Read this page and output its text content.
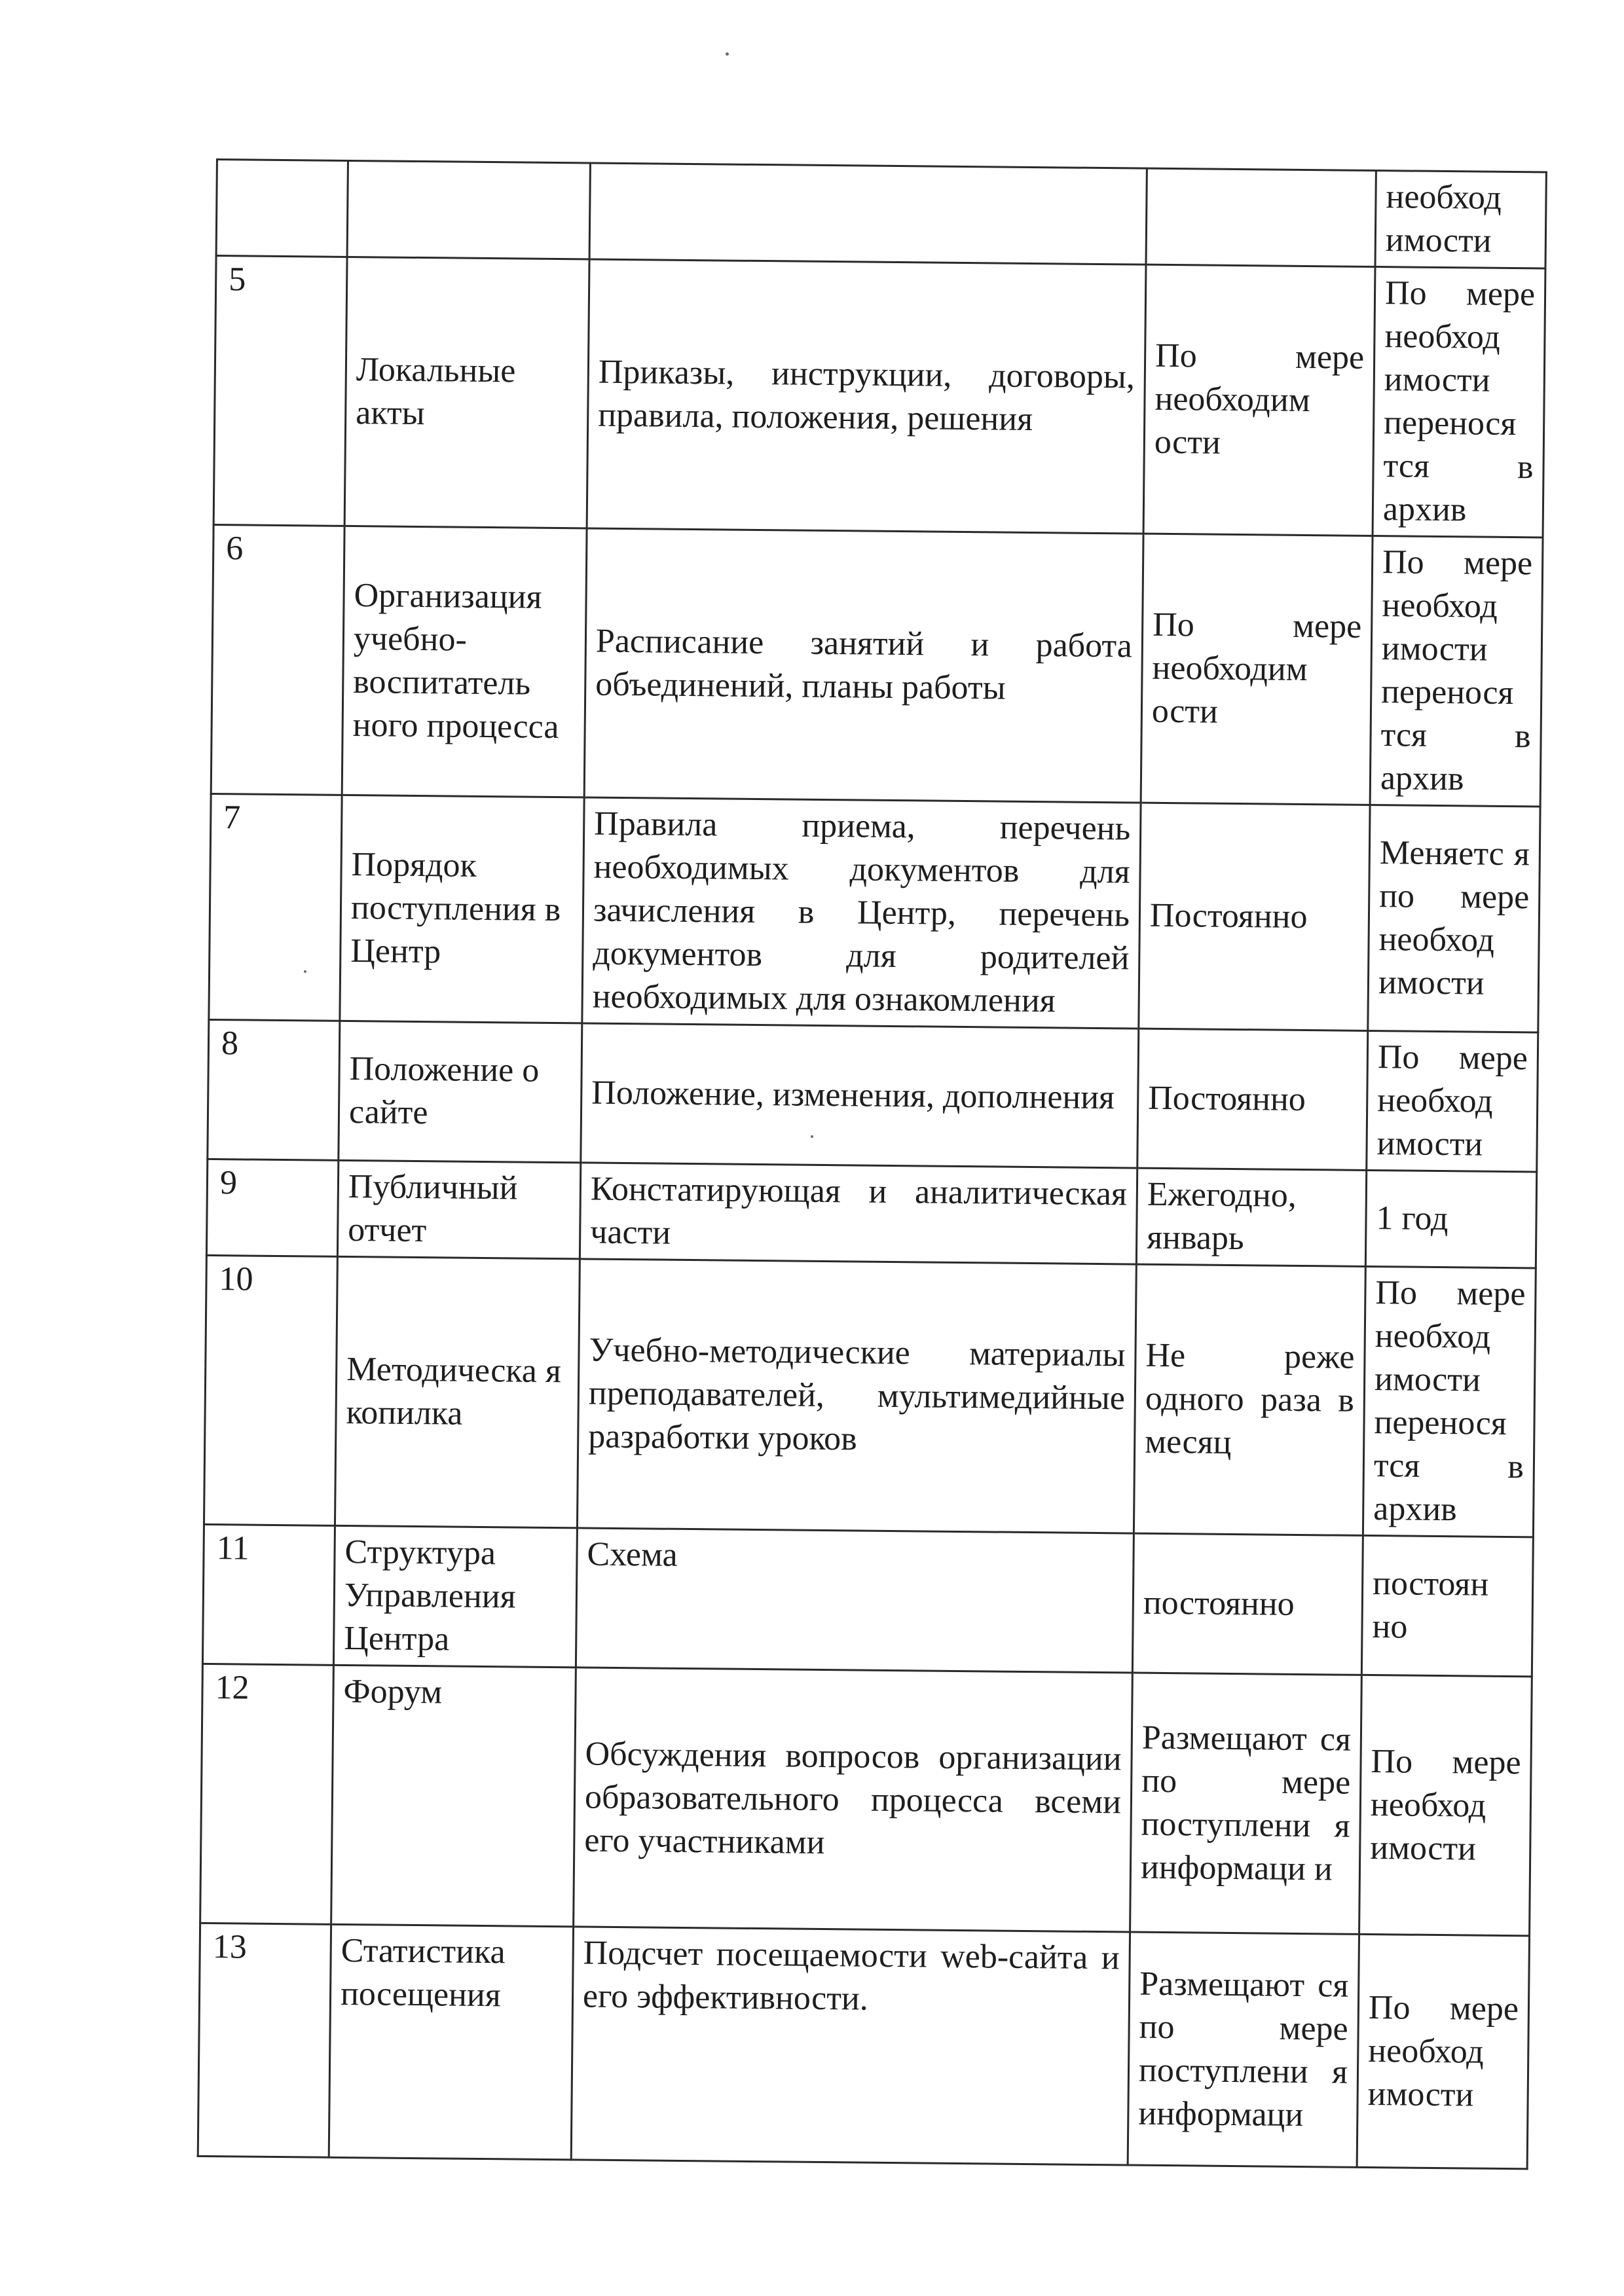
				необход имости
5	Локальные акты	Приказы, инструкции, договоры, правила, положения, решения	По мере необходим ости	По мере необход имости перенося тся в архив
6	Организация учебно-воспитатель ного процесса	Расписание занятий и работа объединений, планы работы	По мере необходим ости	По мере необход имости перенося тся в архив
7	Порядок поступления в Центр	Правила приема, перечень необходимых документов для зачисления в Центр, перечень документов для родителей необходимых для ознакомления	Постоянно	Меняетс я по мере необход имости
8	Положение о сайте	Положение, изменения, дополнения	Постоянно	По мере необход имости
9	Публичный отчет	Констатирующая и аналитическая части	Ежегодно, январь	1 год
10	Методическа я копилка	Учебно-методические материалы преподавателей, мультимедийные разработки уроков	Не реже одного раза в месяц	По мере необход имости перенося тся в архив
11	Структура Управления Центра	Схема	постоянно	постоян но
12	Форум	Обсуждения вопросов организации образовательного процесса всеми его участниками	Размещают ся по мере поступлени я информаци и	По мере необход имости
13	Статистика посещения	Подсчет посещаемости web-сайта и его эффективности.	Размещают ся по мере поступлени я информаци	По мере необход имости
